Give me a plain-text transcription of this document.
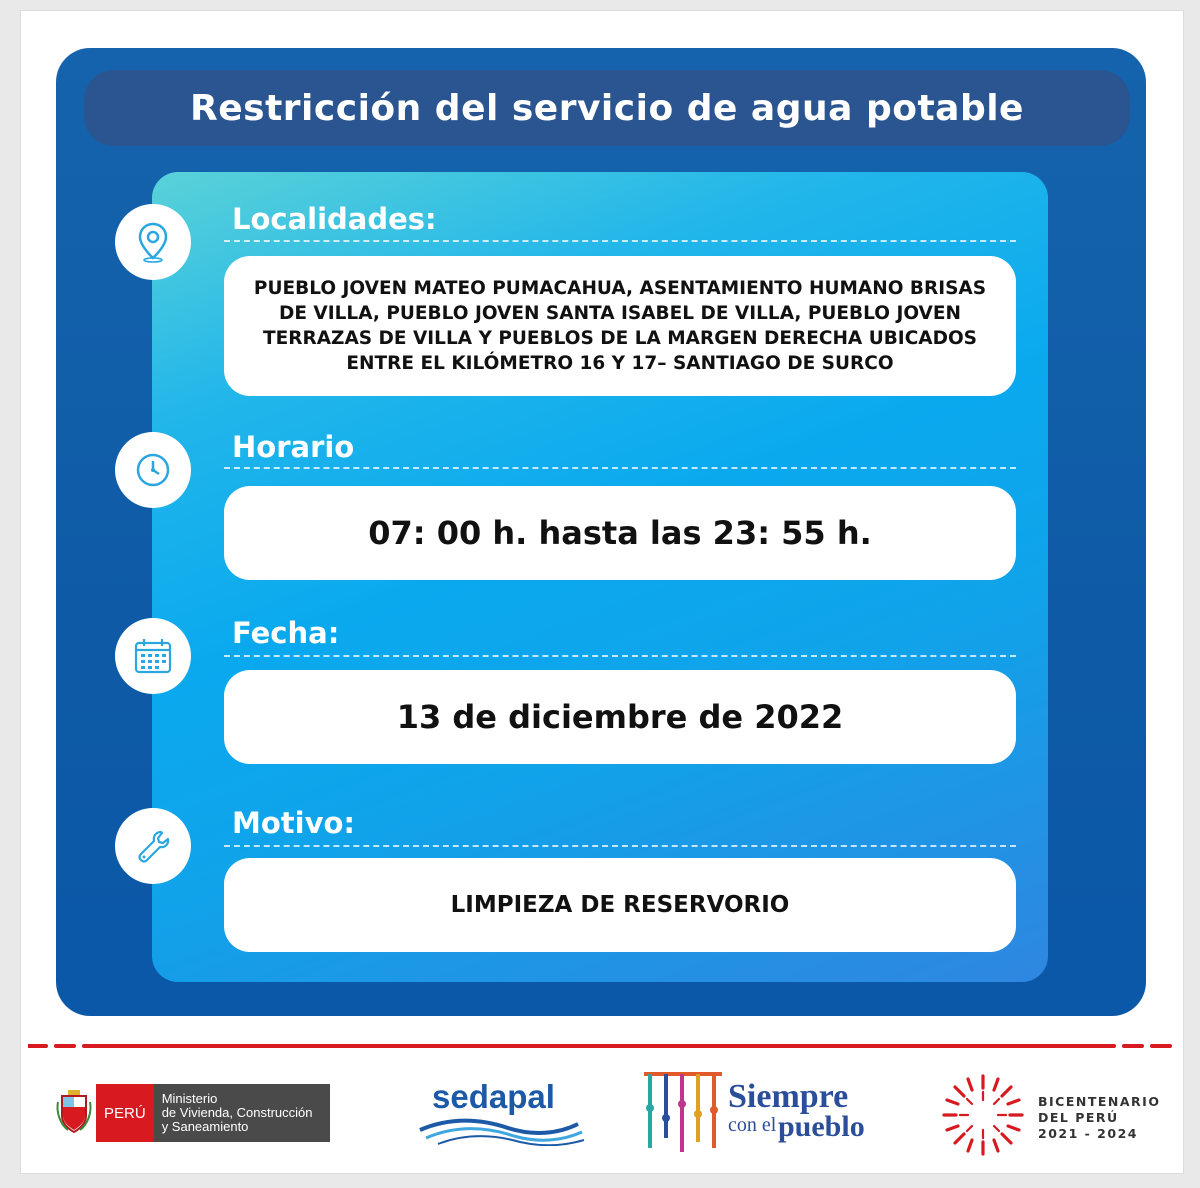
Restricción del servicio de agua potable
Localidades:
PUEBLO JOVEN MATEO PUMACAHUA, ASENTAMIENTO HUMANO BRISAS DE VILLA, PUEBLO JOVEN SANTA ISABEL DE VILLA, PUEBLO JOVEN TERRAZAS DE VILLA Y PUEBLOS DE LA MARGEN DERECHA UBICADOS ENTRE EL KILÓMETRO 16 Y 17– SANTIAGO DE SURCO
Horario
07: 00 h. hasta las 23: 55 h.
Fecha:
13 de diciembre de 2022
Motivo:
LIMPIEZA DE RESERVORIO
PERÚ
Ministerio
de Vivienda, Construcción
y Saneamiento
sedapal	Siempre
con el pueblo
BICENTENARIO
DEL PERÚ
2021 - 2024
